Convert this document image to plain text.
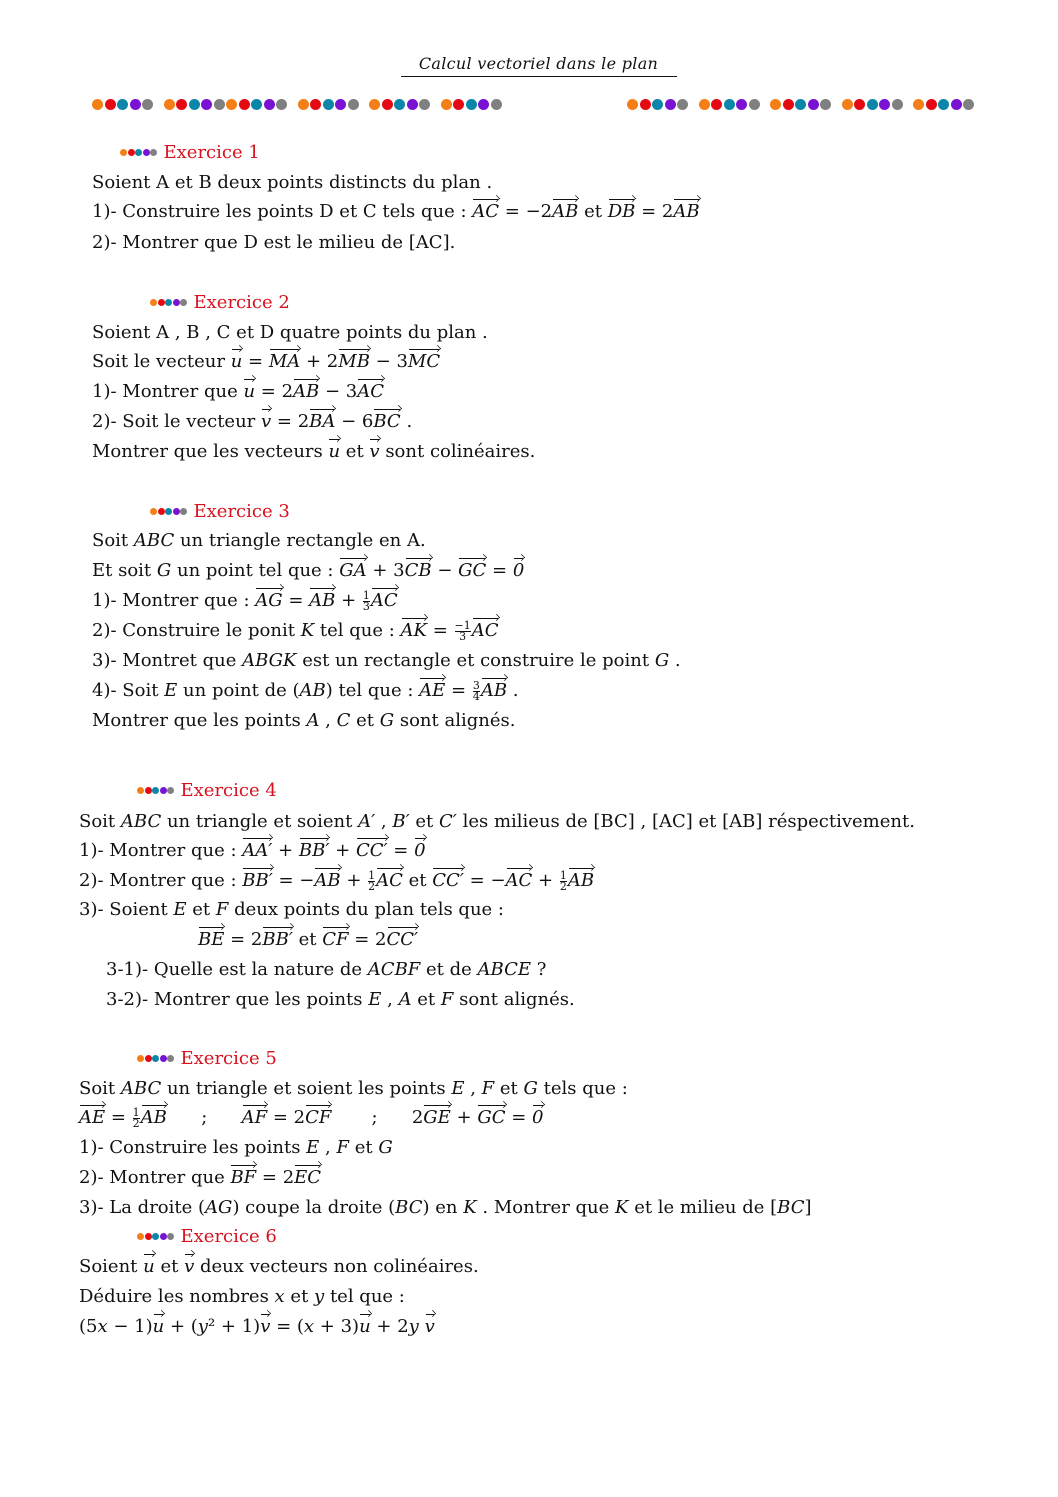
Calcul vectoriel dans le plan
Exercice 1
Soient A et B deux points distincts du plan .
1)- Construire les points D et C tels que : AC = −2AB et DB = 2AB
2)- Montrer que D est le milieu de [AC].
Exercice 2
Soient A , B , C et D quatre points du plan .
Soit le vecteur u = MA + 2MB − 3MC
1)- Montrer que u = 2AB − 3AC
2)- Soit le vecteur v = 2BA − 6BC .
Montrer que les vecteurs u et v sont colinéaires.
Exercice 3
Soit ABC un triangle rectangle en A.
Et soit G un point tel que : GA + 3CB − GC = 0
1)- Montrer que : AG = AB + $\frac{1}{3}$ AC
2)- Construire le ponit K tel que : AK = $\frac{-1}{3}$ AC
3)- Montret que ABGK est un rectangle et construire le point G .
4)- Soit E un point de (AB) tel que : AE = $\frac{3}{4}$ AB .
Montrer que les points A , C et G sont alignés.
Exercice 4
Soit ABC un triangle et soient A′ , B′ et C′ les milieus de [BC] , [AC] et [AB] réspectivement.
1)- Montrer que : AA′ + BB′ + CC′ = 0
2)- Montrer que : $BB' = -AB + \frac{1}{2}$ AC et $CC' = -AC + \frac{1}{2}$ AB
3)- Soient E et F deux points du plan tels que :
BE = 2BB′ et CF = 2CC′
3-1)- Quelle est la nature de ACBF et de ABCE ?
3-2)- Montrer que les points E , A et F sont alignés.
Exercice 5
Soit ABC un triangle et soient les points E , F et G tels que :
AE = $\frac{1}{2}$ AB      ;      AF = 2CF       ;      2GE + GC = 0
1)- Construire les points E , F et G
2)- Montrer que BF = 2EC
3)- La droite (AG) coupe la droite (BC) en K . Montrer que K et le milieu de [BC]
Exercice 6
Soient u et v deux vecteurs non colinéaires.
Déduire les nombres x et y tel que :
(5x − 1)u + (y² + 1)v = (x + 3)u + 2y v
